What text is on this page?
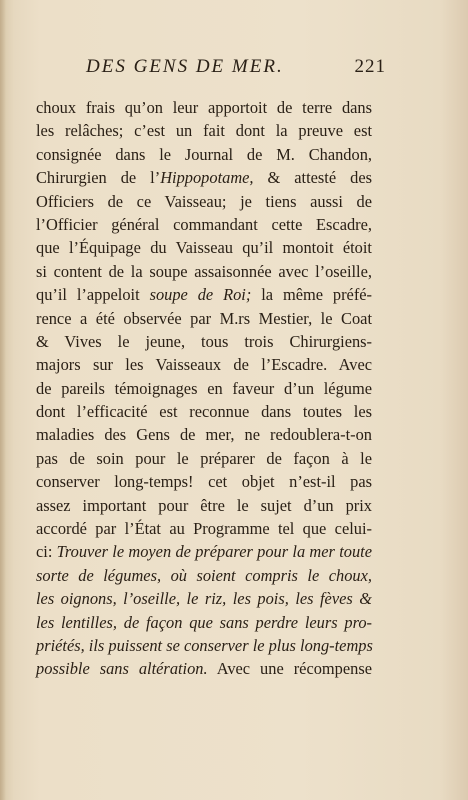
DES GENS DE MER.	221
choux frais qu’on leur apportoit de terre dans
les relâches; c’est un fait dont la preuve est
consignée dans le Journal de M. Chandon,
Chirurgien de l’Hippopotame, & attesté des
Officiers de ce Vaisseau; je tiens aussi de
l’Officier général commandant cette Escadre,
que l’Équipage du Vaisseau qu’il montoit étoit
si content de la soupe assaisonnée avec l’oseille,
qu’il l’appeloit soupe de Roi; la même préfé-
rence a été observée par M.rs Mestier, le Coat
& Vives le jeune, tous trois Chirurgiens-
majors sur les Vaisseaux de l’Escadre. Avec
de pareils témoignages en faveur d’un légume
dont l’efficacité est reconnue dans toutes les
maladies des Gens de mer, ne redoublera-t-on
pas de soin pour le préparer de façon à le
conserver long-temps! cet objet n’est-il pas
assez important pour être le sujet d’un prix
accordé par l’État au Programme tel que celui-
ci: Trouver le moyen de préparer pour la mer toute
sorte de légumes, où soient compris le choux,
les oignons, l’oseille, le riz, les pois, les fèves &
les lentilles, de façon que sans perdre leurs pro-
priétés, ils puissent se conserver le plus long-temps
possible sans altération. Avec une récompense
